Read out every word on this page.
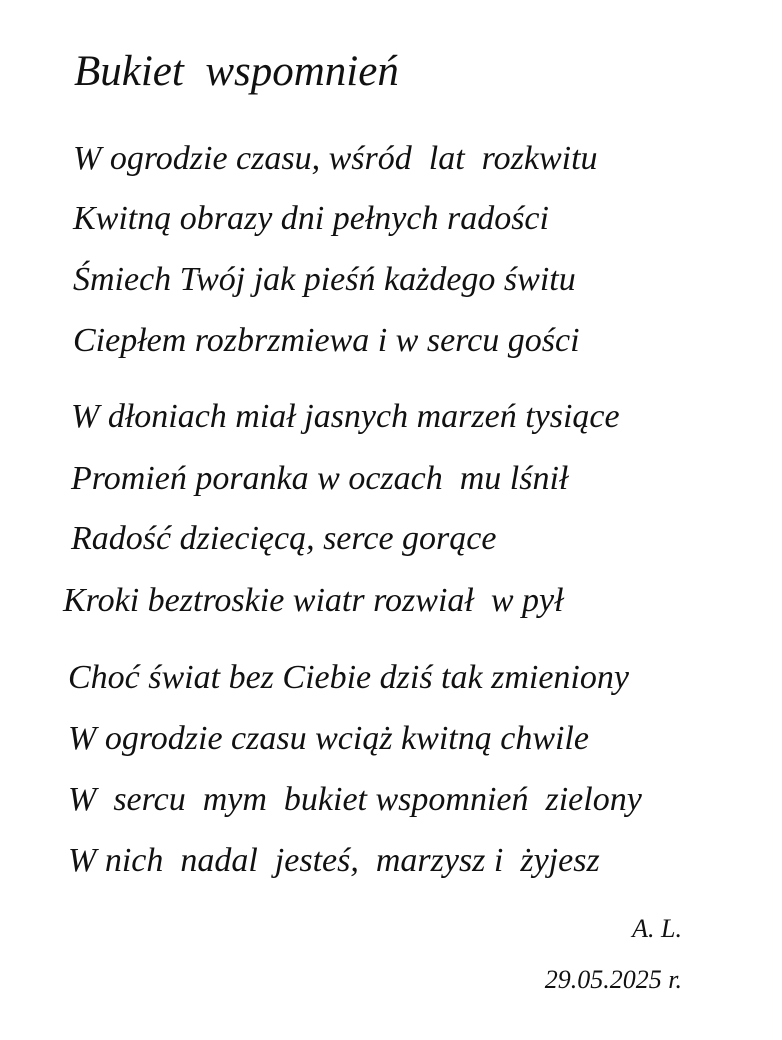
Bukiet  wspomnień

W ogrodzie czasu, wśród  lat  rozkwitu

Kwitną obrazy dni pełnych radości

Śmiech Twój jak pieśń każdego świtu

Ciepłem rozbrzmiewa i w sercu gości

W dłoniach miał jasnych marzeń tysiące

Promień poranka w oczach  mu lśnił

Radość dziecięcą, serce gorące

Kroki beztroskie wiatr rozwiał  w pył

Choć świat bez Ciebie dziś tak zmieniony

W ogrodzie czasu wciąż kwitną chwile

W  sercu  mym  bukiet wspomnień  zielony

W nich  nadal  jesteś,  marzysz i  żyjesz

A. L.
29.05.2025 r.
